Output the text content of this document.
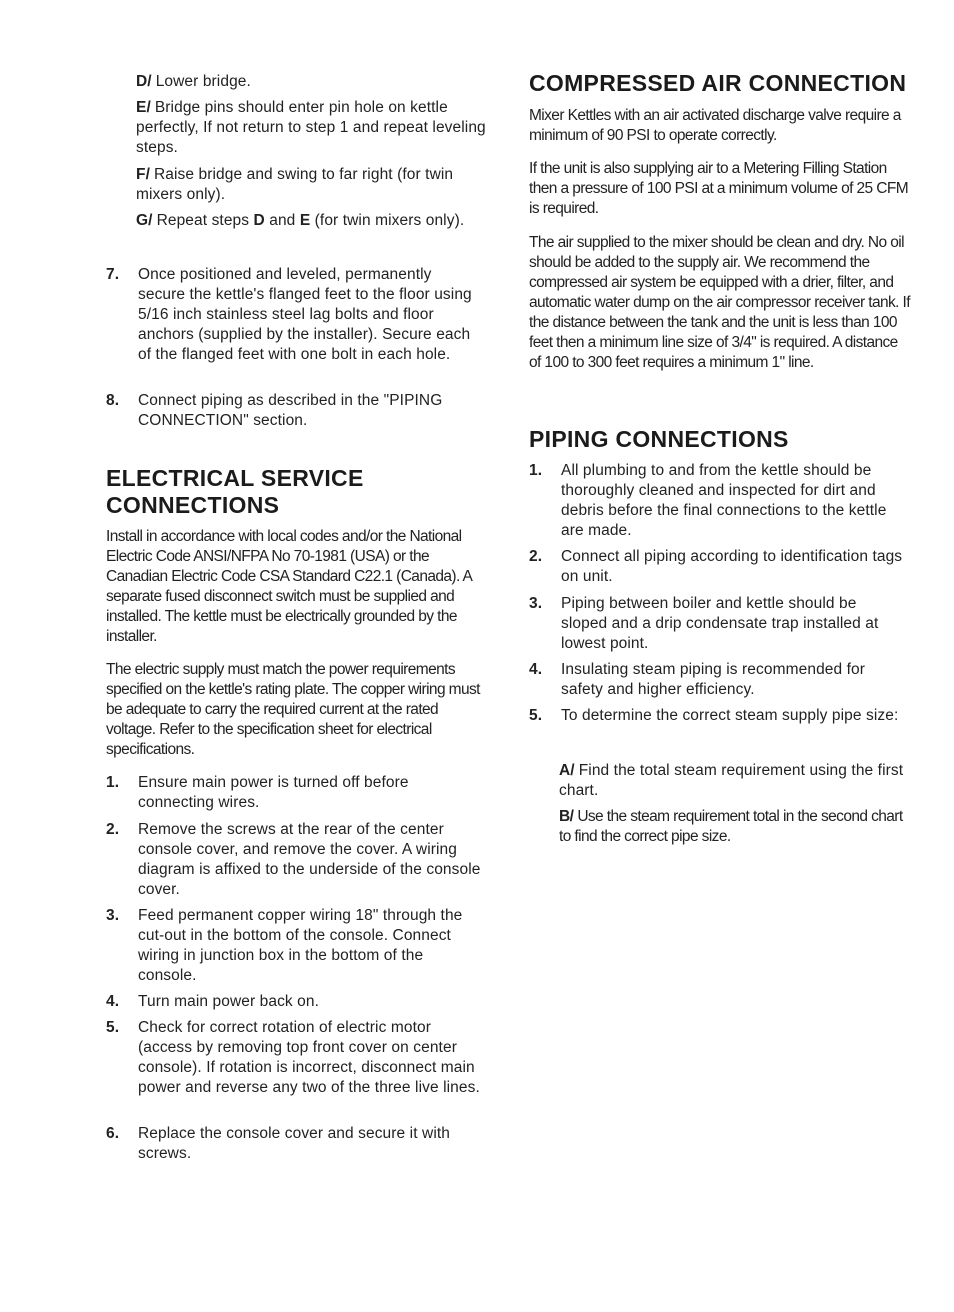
D/ Lower bridge.
E/ Bridge pins should enter pin hole on kettle perfectly, If not return to step 1 and repeat leveling steps.
F/ Raise bridge and swing to far right (for twin mixers only).
G/ Repeat steps D and E (for twin mixers only).
7. Once positioned and leveled, permanently secure the kettle's flanged feet to the floor using 5/16 inch stainless steel lag bolts and floor anchors (supplied by the installer). Secure each of the flanged feet with one bolt in each hole.
8. Connect piping as described in the "PIPING CONNECTION" section.
ELECTRICAL SERVICE
CONNECTIONS

Install in accordance with local codes and/or the National Electric Code ANSI/NFPA No 70-1981 (USA) or the Canadian Electric Code CSA Standard C22.1 (Canada). A separate fused disconnect switch must be supplied and installed. The kettle must be electrically grounded by the installer.

The electric supply must match the power requirements specified on the kettle's rating plate. The copper wiring must be adequate to carry the required current at the rated voltage. Refer to the specification sheet for electrical specifications.

1. Ensure main power is turned off before connecting wires.
2. Remove the screws at the rear of the center console cover, and remove the cover. A wiring diagram is affixed to the underside of the console cover.
3. Feed permanent copper wiring 18" through the cut-out in the bottom of the console. Connect wiring in junction box in the bottom of the console.
4. Turn main power back on.
5. Check for correct rotation of electric motor (access by removing top front cover on center console). If rotation is incorrect, disconnect main power and reverse any two of the three live lines.
6. Replace the console cover and secure it with screws.
COMPRESSED AIR CONNECTION

Mixer Kettles with an air activated discharge valve require a minimum of 90 PSI to operate correctly.

If the unit is also supplying air to a Metering Filling Station then a pressure of 100 PSI at a minimum volume of 25 CFM is required.

The air supplied to the mixer should be clean and dry. No oil should be added to the supply air. We recommend the compressed air system be equipped with a drier, filter, and automatic water dump on the air compressor receiver tank. If the distance between the tank and the unit is less than 100 feet then a minimum line size of 3/4" is required. A distance of 100 to 300 feet requires a minimum 1" line.

PIPING CONNECTIONS
1. All plumbing to and from the kettle should be thoroughly cleaned and inspected for dirt and debris before the final connections to the kettle are made.
2. Connect all piping according to identification tags on unit.
3. Piping between boiler and kettle should be sloped and a drip condensate trap installed at lowest point.
4. Insulating steam piping is recommended for safety and higher efficiency.
5. To determine the correct steam supply pipe size:
A/ Find the total steam requirement using the first chart.
B/ Use the steam requirement total in the second chart to find the correct pipe size.
